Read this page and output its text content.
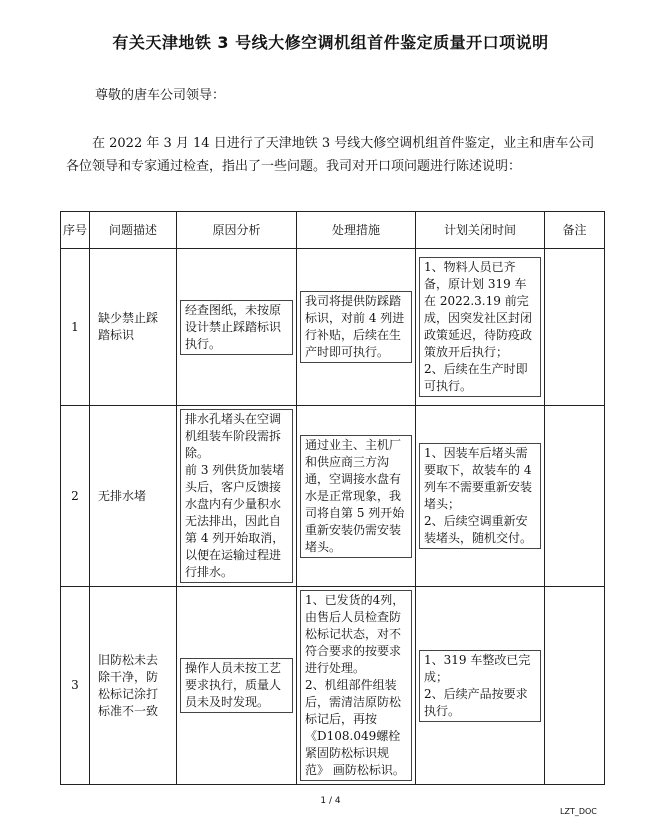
有关天津地铁 3 号线大修空调机组首件鉴定质量开口项说明
尊敬的唐车公司领导：
在 2022 年 3 月 14 日进行了天津地铁 3 号线大修空调机组首件鉴定，业主和唐车公司各位领导和专家通过检查，指出了一些问题。我司对开口项问题进行陈述说明：
序号	问题描述	原因分析	处理措施	计划关闭时间	备注
1	缺少禁止踩踏标识	经查图纸，未按原设计禁止踩踏标识执行。	我司将提供防踩踏标识，对前 4 列进行补贴，后续在生产时即可执行。	1、物料人员已齐备，原计划 319 车在 2022.3.19 前完成，因突发社区封闭政策延迟，待防疫政策放开后执行；
2、后续在生产时即可执行。	

2	无排水堵	排水孔堵头在空调机组装车阶段需拆除。
前 3 列供货加装堵头后，客户反馈接水盘内有少量积水无法排出，因此自第 4 列开始取消，以便在运输过程进行排水。	通过业主、主机厂和供应商三方沟通，空调接水盘有水是正常现象，我司将自第 5 列开始重新安装仍需安装堵头。	1、因装车后堵头需要取下，故装车的 4 列车不需要重新安装堵头；
2、后续空调重新安装堵头，随机交付。	

3	旧防松未去除干净，防松标记涂打标准不一致	操作人员未按工艺要求执行，质量人员未及时发现。	1、已发货的4列，由售后人员检查防松标记状态，对不符合要求的按要求进行处理。
2、机组部件组装后，需清洁原防松标记后，再按《D108.049螺栓紧固防松标识规范》 画防松标识。	1、319 车整改已完成；
2、后续产品按要求执行。	

1 / 4
LZT_DOC
